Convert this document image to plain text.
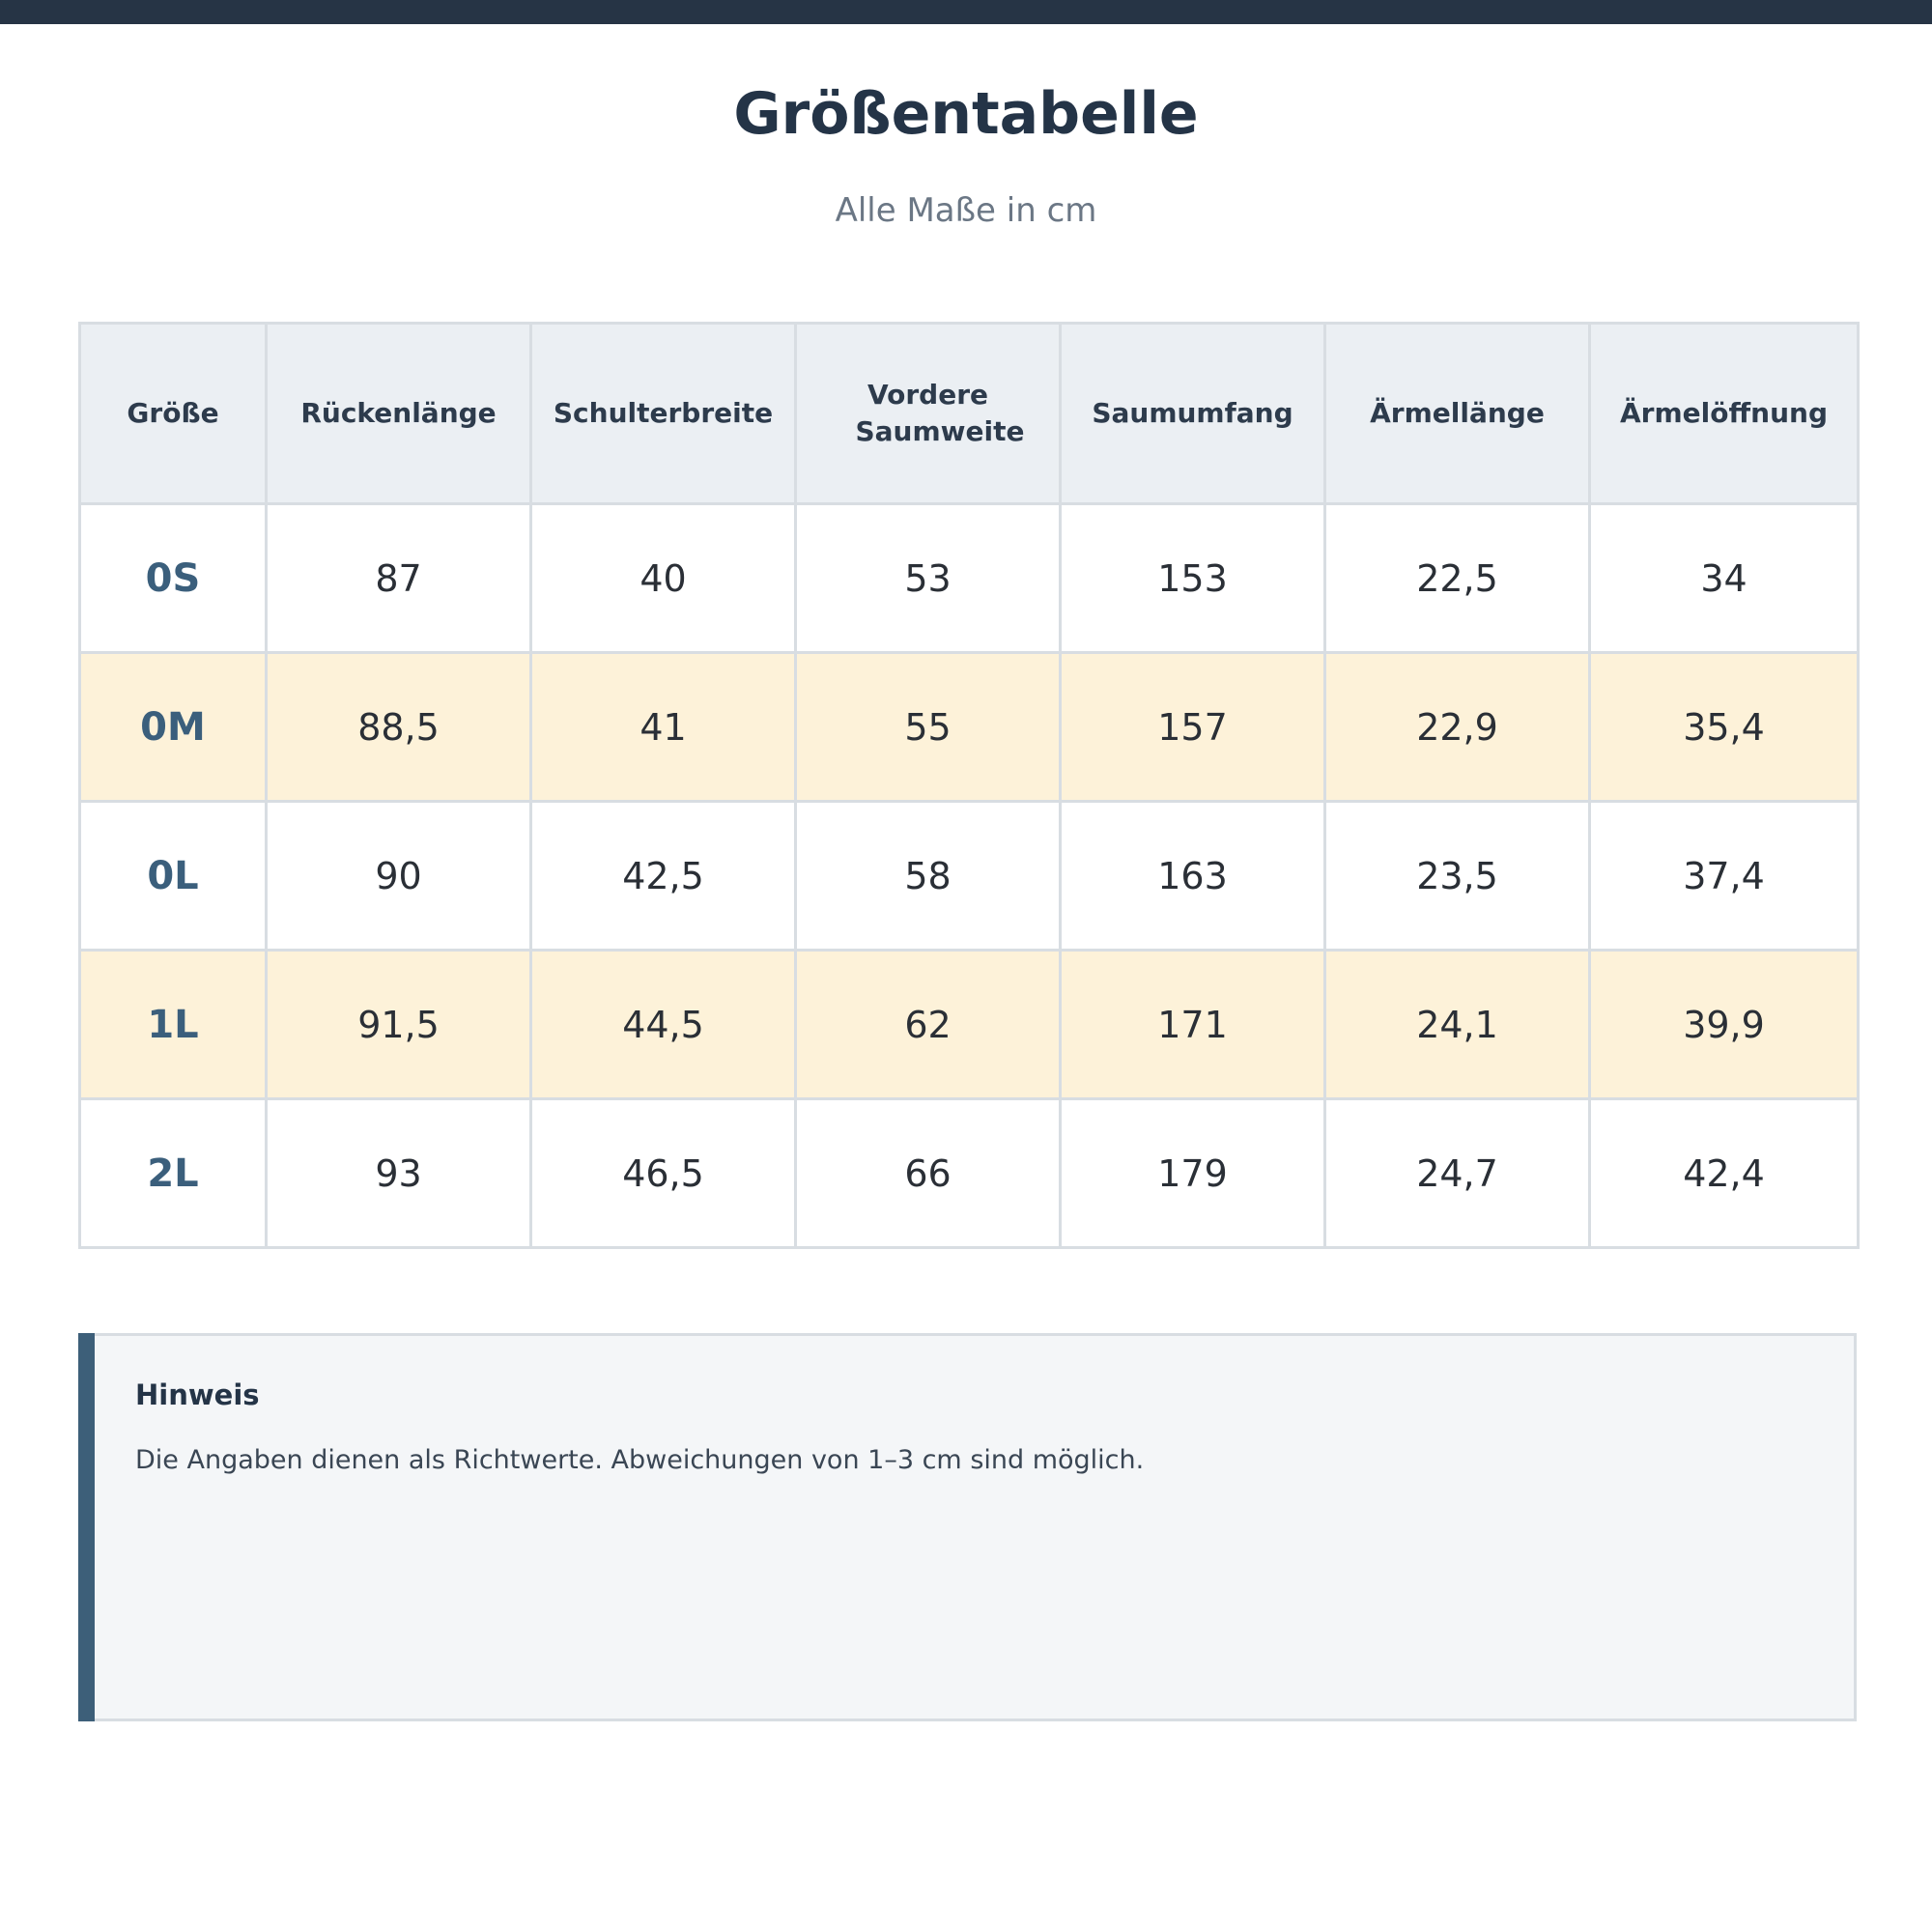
Größentabelle
Alle Maße in cm
Größe	Rückenlänge	Schulterbreite	Vordere Saumweite	Saumumfang	Ärmellänge	Ärmelöffnung
0S	87	40	53	153	22,5	34
0M	88,5	41	55	157	22,9	35,4
0L	90	42,5	58	163	23,5	37,4
1L	91,5	44,5	62	171	24,1	39,9
2L	93	46,5	66	179	24,7	42,4
Hinweis
Die Angaben dienen als Richtwerte. Abweichungen von 1–3 cm sind möglich.
